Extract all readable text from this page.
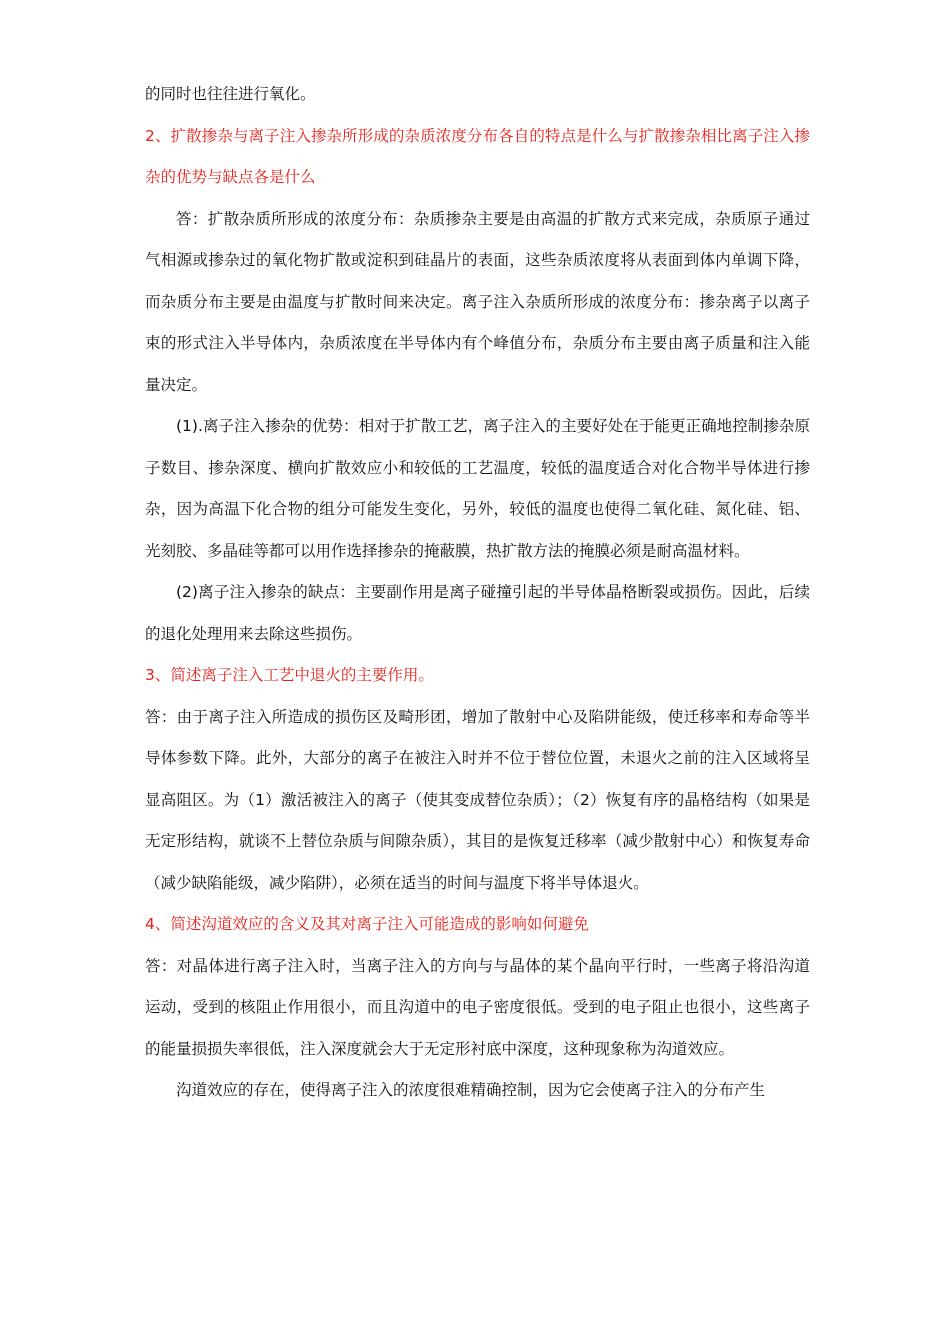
的同时也往往进行氧化。

2、扩散掺杂与离子注入掺杂所形成的杂质浓度分布各自的特点是什么与扩散掺杂相比离子注入掺杂的优势与缺点各是什么

答：扩散杂质所形成的浓度分布：杂质掺杂主要是由高温的扩散方式来完成，杂质原子通过气相源或掺杂过的氧化物扩散或淀积到硅晶片的表面，这些杂质浓度将从表面到体内单调下降，而杂质分布主要是由温度与扩散时间来决定。离子注入杂质所形成的浓度分布：掺杂离子以离子束的形式注入半导体内，杂质浓度在半导体内有个峰值分布，杂质分布主要由离子质量和注入能量决定。

(1).离子注入掺杂的优势：相对于扩散工艺，离子注入的主要好处在于能更正确地控制掺杂原子数目、掺杂深度、横向扩散效应小和较低的工艺温度，较低的温度适合对化合物半导体进行掺杂，因为高温下化合物的组分可能发生变化，另外，较低的温度也使得二氧化硅、氮化硅、铝、光刻胶、多晶硅等都可以用作选择掺杂的掩蔽膜，热扩散方法的掩膜必须是耐高温材料。

(2)离子注入掺杂的缺点：主要副作用是离子碰撞引起的半导体晶格断裂或损伤。因此，后续的退化处理用来去除这些损伤。

3、简述离子注入工艺中退火的主要作用。

答：由于离子注入所造成的损伤区及畸形团，增加了散射中心及陷阱能级，使迁移率和寿命等半导体参数下降。此外，大部分的离子在被注入时并不位于替位位置，未退火之前的注入区域将呈显高阻区。为（1）激活被注入的离子（使其变成替位杂质）；（2）恢复有序的晶格结构（如果是无定形结构，就谈不上替位杂质与间隙杂质），其目的是恢复迁移率（减少散射中心）和恢复寿命（减少缺陷能级，减少陷阱），必须在适当的时间与温度下将半导体退火。

4、简述沟道效应的含义及其对离子注入可能造成的影响如何避免

答：对晶体进行离子注入时，当离子注入的方向与与晶体的某个晶向平行时，一些离子将沿沟道运动，受到的核阻止作用很小，而且沟道中的电子密度很低。受到的电子阻止也很小，这些离子的能量损损失率很低，注入深度就会大于无定形衬底中深度，这种现象称为沟道效应。

沟道效应的存在，使得离子注入的浓度很难精确控制，因为它会使离子注入的分布产生
